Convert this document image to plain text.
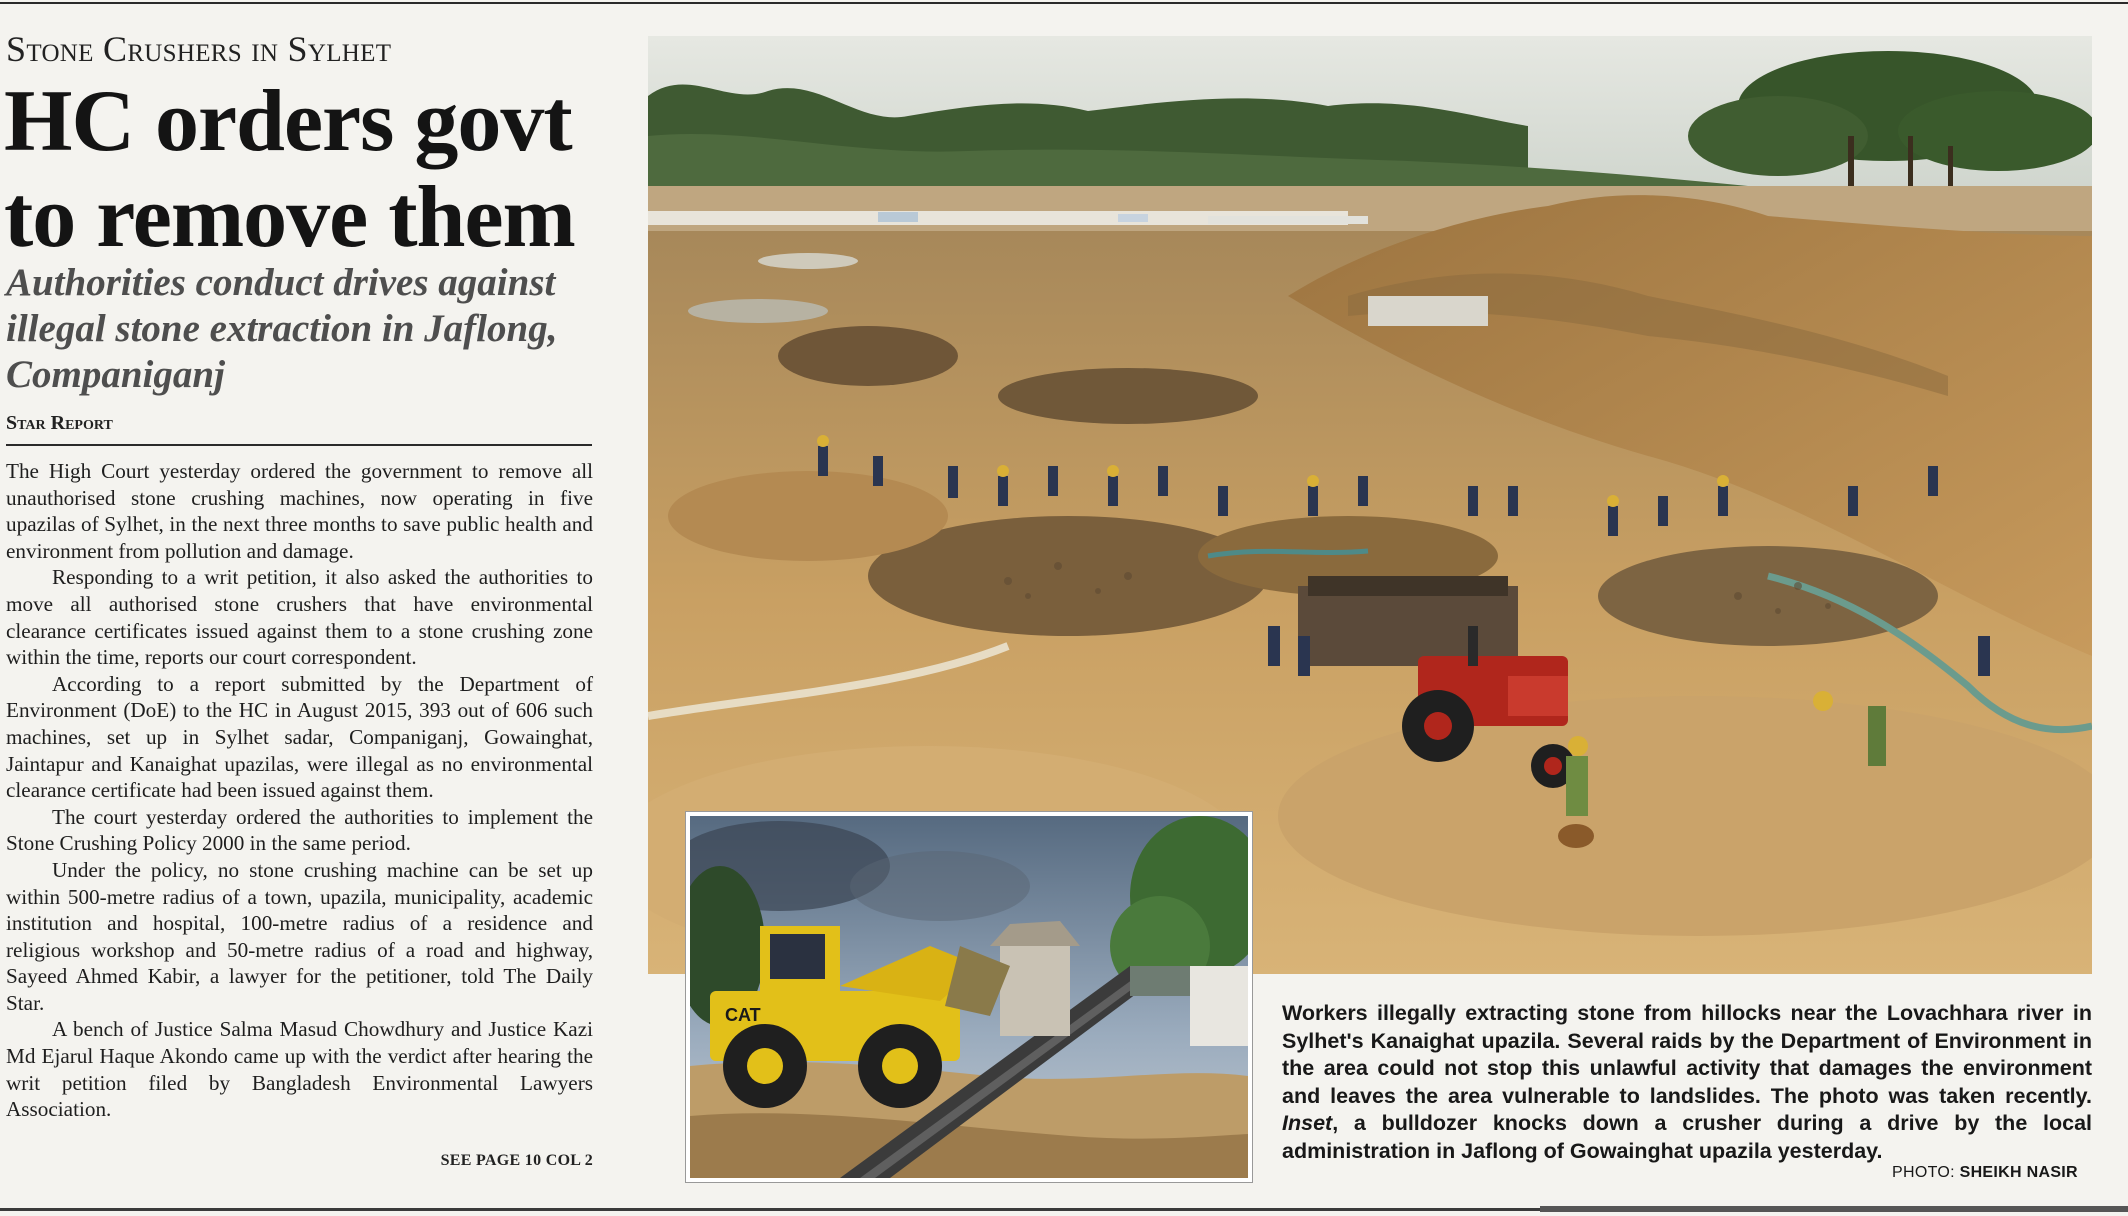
Stone Crushers in Sylhet
HC orders govt to remove them
Authorities conduct drives against illegal stone extraction in Jaflong, Companiganj
Star Report

The High Court yesterday ordered the government to remove all unauthorised stone crushing machines, now operating in five upazilas of Sylhet, in the next three months to save public health and environment from pollution and damage.

Responding to a writ petition, it also asked the authorities to move all authorised stone crushers that have environmental clearance certificates issued against them to a stone crushing zone within the time, reports our court correspondent.

According to a report submitted by the Department of Environment (DoE) to the HC in August 2015, 393 out of 606 such machines, set up in Sylhet sadar, Companiganj, Gowainghat, Jaintapur and Kanaighat upazilas, were illegal as no environmental clearance certificate had been issued against them.

The court yesterday ordered the authorities to implement the Stone Crushing Policy 2000 in the same period.

Under the policy, no stone crushing machine can be set up within 500-metre radius of a town, upazila, municipality, academic institution and hospital, 100-metre radius of a residence and religious workshop and 50-metre radius of a road and highway, Sayeed Ahmed Kabir, a lawyer for the petitioner, told The Daily Star.

A bench of Justice Salma Masud Chowdhury and Justice Kazi Md Ejarul Haque Akondo came up with the verdict after hearing the writ petition filed by Bangladesh Environmental Lawyers Association.

SEE PAGE 10 COL 2
CAT	Workers illegally extracting stone from hillocks near the Lovachhara river in Sylhet's Kanaighat upazila. Several raids by the Department of Environment in the area could not stop this unlawful activity that damages the environment and leaves the area vulnerable to landslides. The photo was taken recently. Inset, a bulldozer knocks down a crusher during a drive by the local administration in Jaflong of Gowainghat upazila yesterday.
PHOTO: SHEIKH NASIR
